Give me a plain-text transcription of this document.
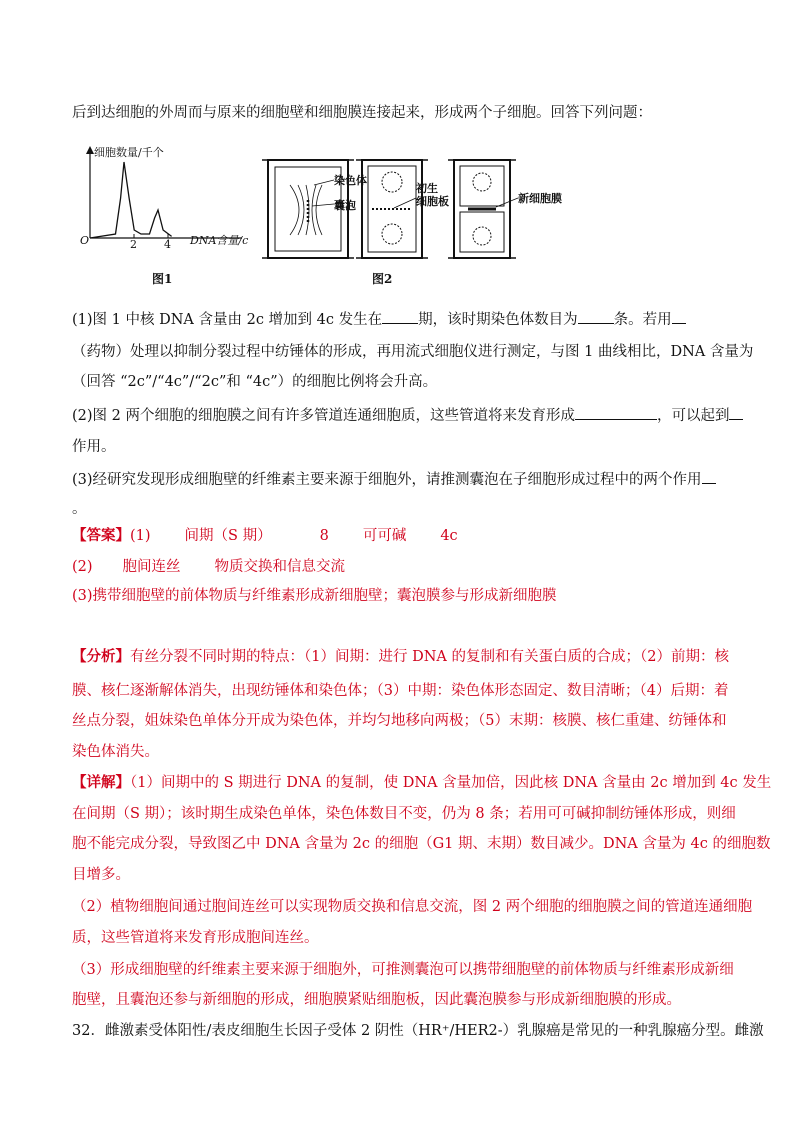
后到达细胞的外周而与原来的细胞壁和细胞膜连接起来，形成两个子细胞。回答下列问题：
细胞数量/千个
DNA含量/c
O	2 4
图1
染色体
囊泡
初生
细胞板	新细胞膜
图2
(1)图 1 中核 DNA 含量由 2c 增加到 4c 发生在 期，该时期染色体数目为 条。若用
（药物）处理以抑制分裂过程中纺锤体的形成，再用流式细胞仪进行测定，与图 1 曲线相比，DNA 含量为
（回答 “2c”/“4c”/“2c”和 “4c”）的细胞比例将会升高。
(2)图 2 两个细胞的细胞膜之间有许多管道连通细胞质，这些管道将来发育形成	，可以起到
作用。
(3)经研究发现形成细胞壁的纤维素主要来源于细胞外，请推测囊泡在子细胞形成过程中的两个作用
。
【答案】(1) 间期（S 期）	8 可可碱 4c
(2) 胞间连丝 物质交换和信息交流
(3)携带细胞壁的前体物质与纤维素形成新细胞壁；囊泡膜参与形成新细胞膜
【分析】有丝分裂不同时期的特点：（1）间期：进行 DNA 的复制和有关蛋白质的合成；（2）前期：核
膜、核仁逐渐解体消失，出现纺锤体和染色体；（3）中期：染色体形态固定、数目清晰；（4）后期：着
丝点分裂，姐妹染色单体分开成为染色体，并均匀地移向两极；（5）末期：核膜、核仁重建、纺锤体和
染色体消失。
【详解】（1）间期中的 S 期进行 DNA 的复制，使 DNA 含量加倍，因此核 DNA 含量由 2c 增加到 4c 发生
在间期（S 期）；该时期生成染色单体，染色体数目不变，仍为 8 条；若用可可碱抑制纺锤体形成，则细
胞不能完成分裂，导致图乙中 DNA 含量为 2c 的细胞（G1 期、末期）数目减少。DNA 含量为 4c 的细胞数
目增多。
（2）植物细胞间通过胞间连丝可以实现物质交换和信息交流，图 2 两个细胞的细胞膜之间的管道连通细胞
质，这些管道将来发育形成胞间连丝。
（3）形成细胞壁的纤维素主要来源于细胞外，可推测囊泡可以携带细胞壁的前体物质与纤维素形成新细
胞壁，且囊泡还参与新细胞的形成，细胞膜紧贴细胞板，因此囊泡膜参与形成新细胞膜的形成。
32．雌激素受体阳性/表皮细胞生长因子受体 2 阴性（HR⁺/HER2-）乳腺癌是常见的一种乳腺癌分型。雌激
